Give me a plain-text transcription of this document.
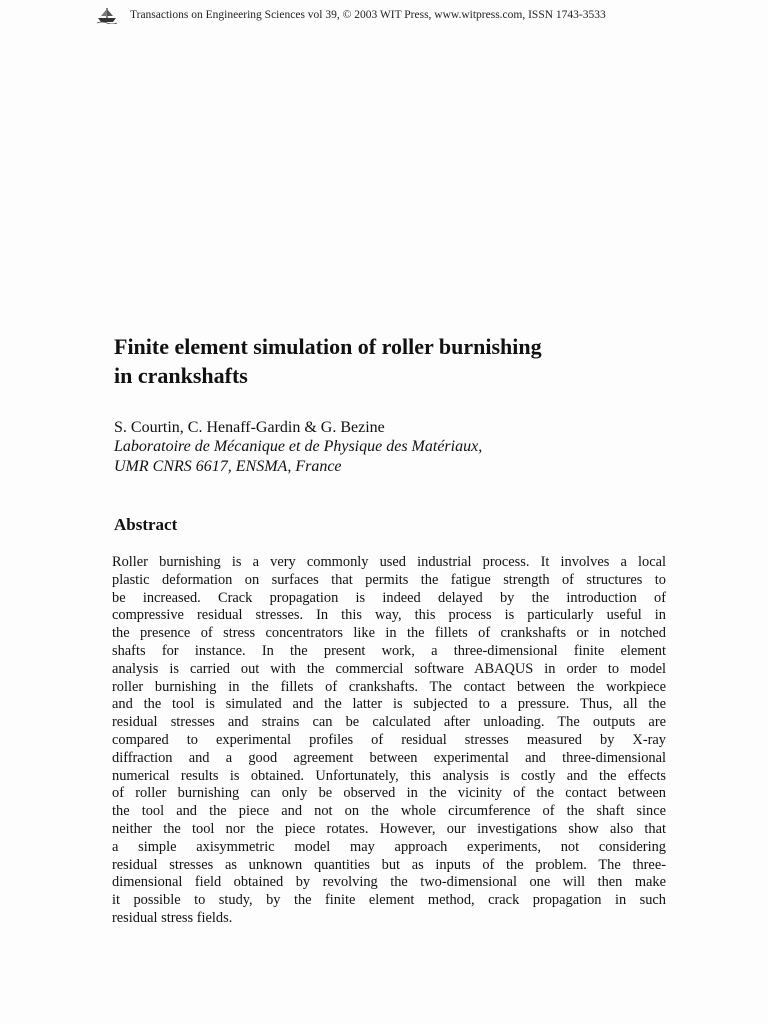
Transactions on Engineering Sciences vol 39, © 2003 WIT Press, www.witpress.com, ISSN 1743-3533
Finite element simulation of roller burnishing
in crankshafts

S. Courtin, C. Henaff-Gardin & G. Bezine

Laboratoire de Mécanique et de Physique des Matériaux,
UMR CNRS 6617, ENSMA, France

Abstract
Roller burnishing is a very commonly used industrial process. It involves a local
plastic deformation on surfaces that permits the fatigue strength of structures to
be increased. Crack propagation is indeed delayed by the introduction of
compressive residual stresses. In this way, this process is particularly useful in
the presence of stress concentrators like in the fillets of crankshafts or in notched
shafts for instance. In the present work, a three-dimensional finite element
analysis is carried out with the commercial software ABAQUS in order to model
roller burnishing in the fillets of crankshafts. The contact between the workpiece
and the tool is simulated and the latter is subjected to a pressure. Thus, all the
residual stresses and strains can be calculated after unloading. The outputs are
compared to experimental profiles of residual stresses measured by X-ray
diffraction and a good agreement between experimental and three-dimensional
numerical results is obtained. Unfortunately, this analysis is costly and the effects
of roller burnishing can only be observed in the vicinity of the contact between
the tool and the piece and not on the whole circumference of the shaft since
neither the tool nor the piece rotates. However, our investigations show also that
a simple axisymmetric model may approach experiments, not considering
residual stresses as unknown quantities but as inputs of the problem. The three-
dimensional field obtained by revolving the two-dimensional one will then make
it possible to study, by the finite element method, crack propagation in such
residual stress fields.
